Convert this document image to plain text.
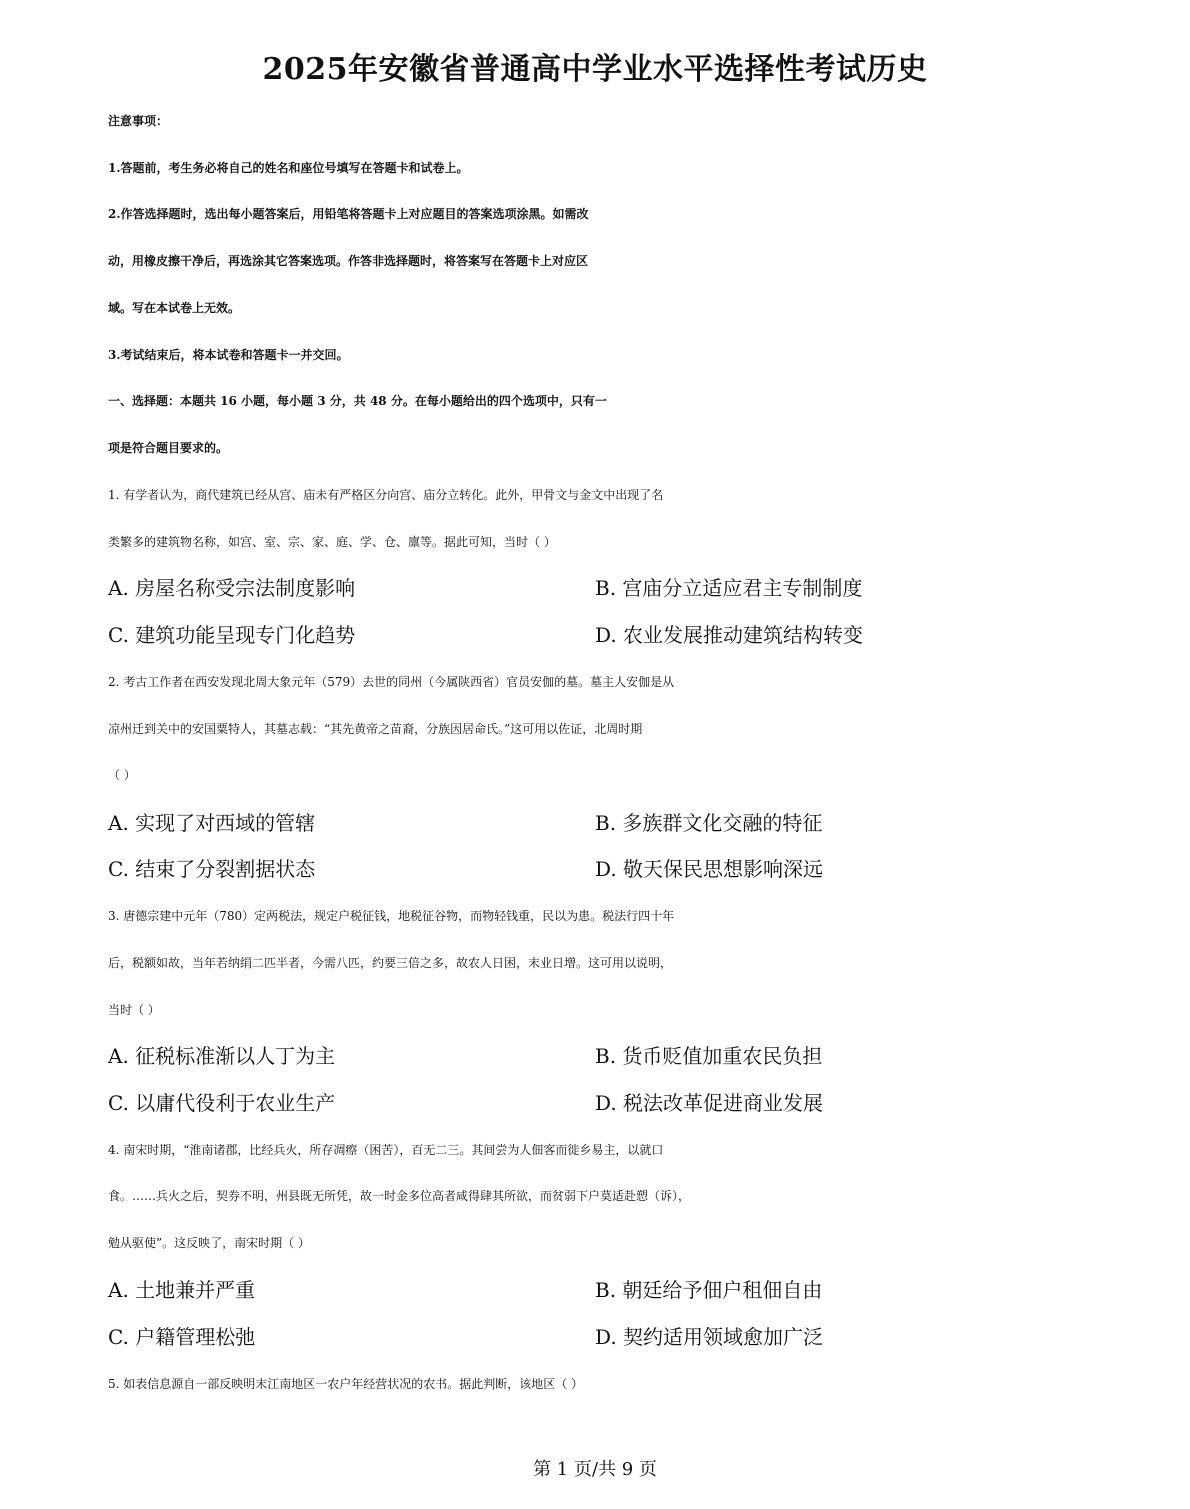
2025年安徽省普通高中学业水平选择性考试历史
注意事项：
1.答题前，考生务必将自己的姓名和座位号填写在答题卡和试卷上。
2.作答选择题时，选出每小题答案后，用铅笔将答题卡上对应题目的答案选项涂黑。如需改
动，用橡皮擦干净后，再选涂其它答案选项。作答非选择题时，将答案写在答题卡上对应区
域。写在本试卷上无效。
3.考试结束后，将本试卷和答题卡一并交回。
一、选择题：本题共 16 小题，每小题 3 分，共 48 分。在每小题给出的四个选项中，只有一
项是符合题目要求的。
1. 有学者认为，商代建筑已经从宫、庙未有严格区分向宫、庙分立转化。此外，甲骨文与金文中出现了名
类繁多的建筑物名称，如宫、室、宗、家、庭、学、仓、廪等。据此可知，当时（ ）
A. 房屋名称受宗法制度影响	B. 宫庙分立适应君主专制制度
C. 建筑功能呈现专门化趋势	D. 农业发展推动建筑结构转变
2. 考古工作者在西安发现北周大象元年（579）去世的同州（今属陕西省）官员安伽的墓。墓主人安伽是从
凉州迁到关中的安国粟特人，其墓志载：“其先黄帝之苗裔，分族因居命氏。”这可用以佐证，北周时期
（ ）
A. 实现了对西域的管辖	B. 多族群文化交融的特征
C. 结束了分裂割据状态	D. 敬天保民思想影响深远
3. 唐德宗建中元年（780）定两税法，规定户税征钱，地税征谷物，而物轻钱重，民以为患。税法行四十年
后，税额如故，当年若纳绢二匹半者，今需八匹，约要三倍之多，故农人日困，末业日增。这可用以说明，
当时（ ）
A. 征税标准渐以人丁为主	B. 货币贬值加重农民负担
C. 以庸代役利于农业生产	D. 税法改革促进商业发展
4. 南宋时期，“淮南诸郡，比经兵火，所存凋瘵（困苦），百无二三。其间尝为人佃客而徙乡易主，以就口
食。……兵火之后，契券不明，州县既无所凭，故一时金多位高者咸得肆其所欲，而贫弱下户莫适赴愬（诉），
勉从驱使”。这反映了，南宋时期（ ）
A. 土地兼并严重	B. 朝廷给予佃户租佃自由
C. 户籍管理松弛	D. 契约适用领域愈加广泛
5. 如表信息源自一部反映明末江南地区一农户年经营状况的农书。据此判断，该地区（ ）
第 1 页/共 9 页
